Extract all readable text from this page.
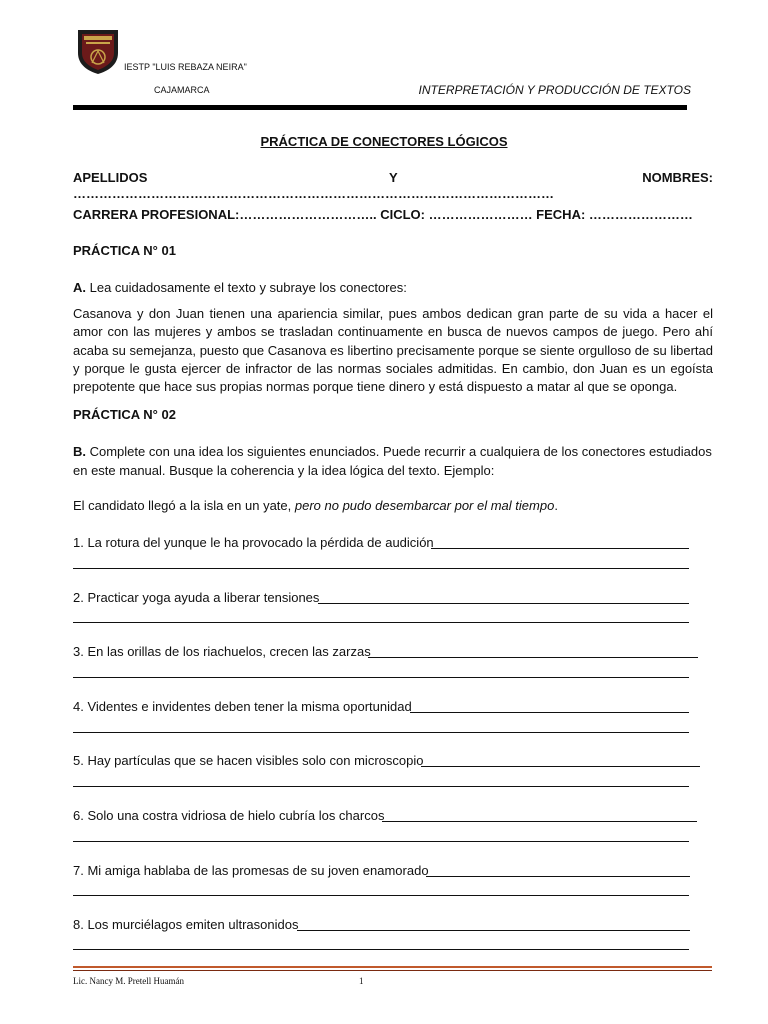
IESTP "LUIS REBAZA NEIRA"
CAJAMARCA	INTERPRETACIÓN Y PRODUCCIÓN DE TEXTOS
PRÁCTICA DE CONECTORES LÓGICOS
APELLIDOS	Y	NOMBRES:
…………………………………………………………………………………………………
CARRERA PROFESIONAL:………………………….. CICLO: …………………… FECHA: ……………………
PRÁCTICA N° 01
A. Lea cuidadosamente el texto y subraye los conectores:
Casanova y don Juan tienen una apariencia similar, pues ambos dedican gran parte de su vida a hacer el amor con las mujeres y ambos se trasladan continuamente en busca de nuevos campos de juego. Pero ahí acaba su semejanza, puesto que Casanova es libertino precisamente porque se siente orgulloso de su libertad y porque le gusta ejercer de infractor de las normas sociales admitidas. En cambio, don Juan es un egoísta prepotente que hace sus propias normas porque tiene dinero y está dispuesto a matar al que se oponga.
PRÁCTICA N° 02
B. Complete con una idea los siguientes enunciados. Puede recurrir a cualquiera de los conectores estudiados en este manual. Busque la coherencia y la idea lógica del texto. Ejemplo:
El candidato llegó a la isla en un yate, pero no pudo desembarcar por el mal tiempo.
1. La rotura del yunque le ha provocado la pérdida de audición
2. Practicar yoga ayuda a liberar tensiones
3. En las orillas de los riachuelos, crecen las zarzas
4. Videntes e invidentes deben tener la misma oportunidad
5. Hay partículas que se hacen visibles solo con microscopio
6. Solo una costra vidriosa de hielo cubría los charcos
7. Mi amiga hablaba de las promesas de su joven enamorado
8. Los murciélagos emiten ultrasonidos
Lic. Nancy M. Pretell Huamán	1
